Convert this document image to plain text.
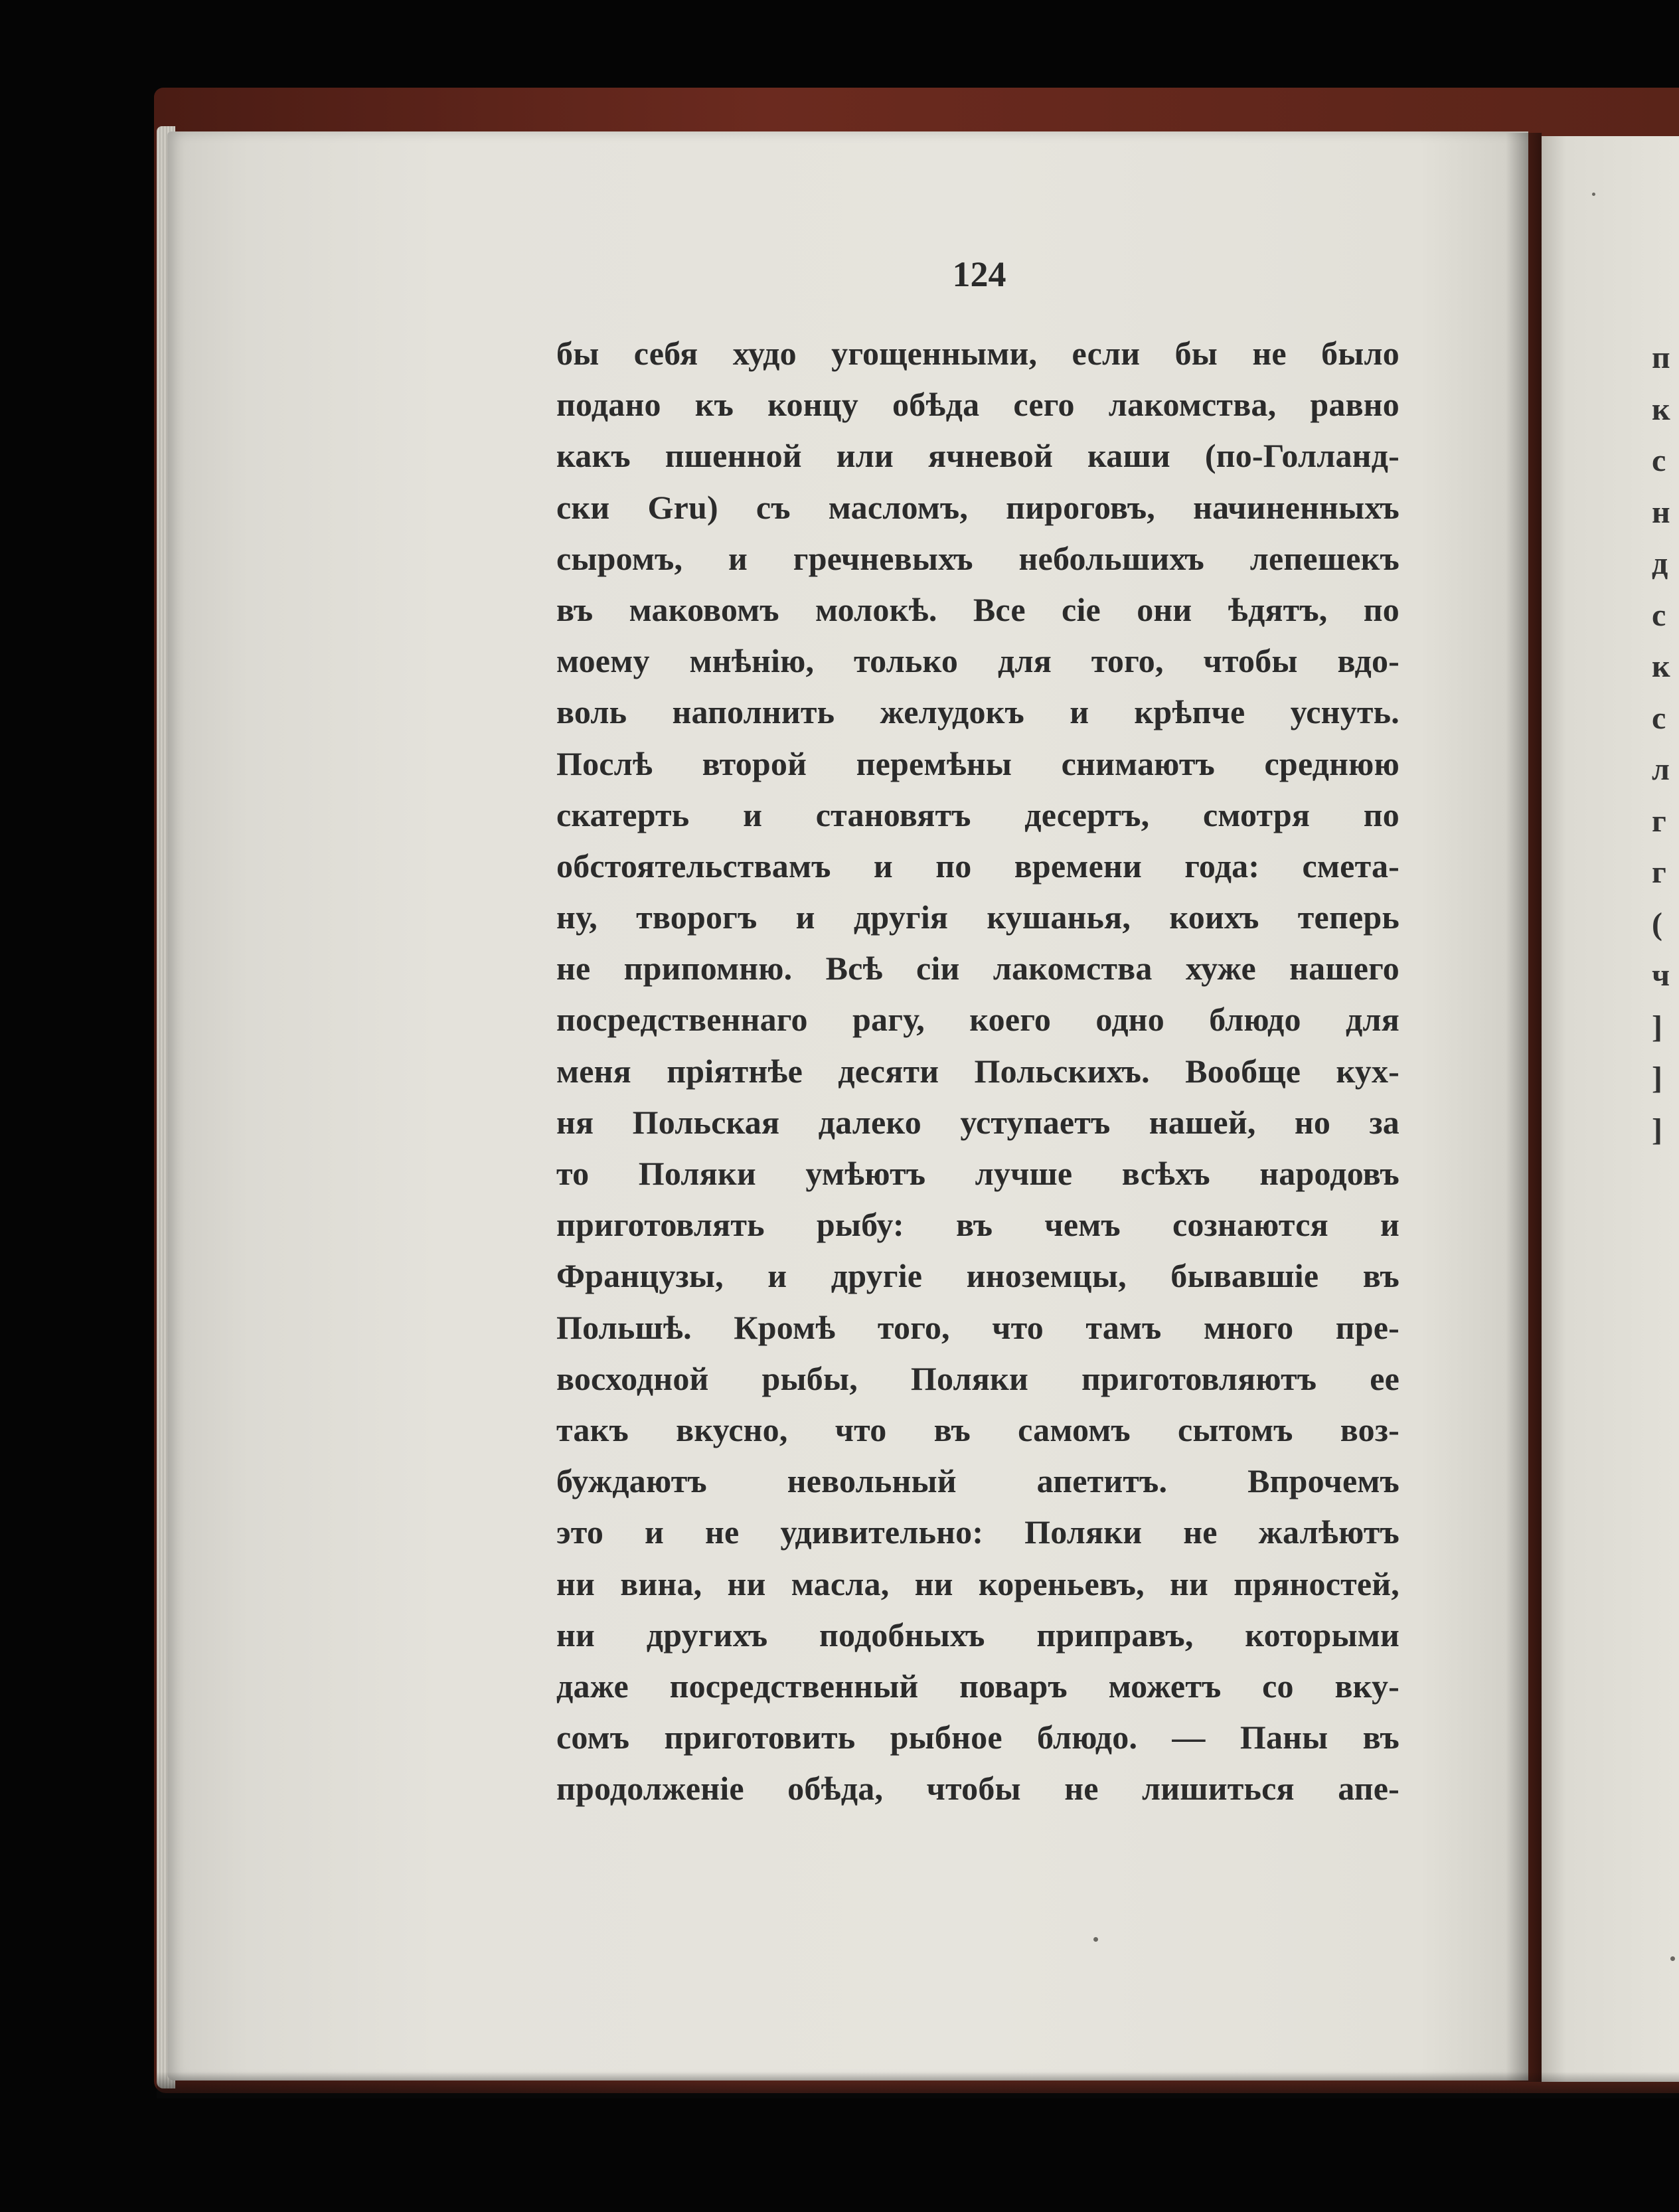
124
бы себя худо угощенными, если бы не было
подано къ концу обѣда сего лакомства, равно
какъ пшенной или ячневой каши (по-Голланд-
ски Gru) съ масломъ, пироговъ, начиненныхъ
сыромъ, и гречневыхъ небольшихъ лепешекъ
въ маковомъ молокѣ. Все сіе они ѣдятъ, по
моему мнѣнію, только для того, чтобы вдо-
воль наполнить желудокъ и крѣпче уснуть.
Послѣ второй перемѣны снимаютъ среднюю
скатерть и становятъ десертъ, смотря по
обстоятельствамъ и по времени года: смета-
ну, творогъ и другія кушанья, коихъ теперь
не припомню. Всѣ сіи лакомства хуже нашего
посредственнаго рагу, коего одно блюдо для
меня пріятнѣе десяти Польскихъ. Вообще кух-
ня Польская далеко уступаетъ нашей, но за
то Поляки умѣютъ лучше всѣхъ народовъ
приготовлять рыбу: въ чемъ сознаются и
Французы, и другіе иноземцы, бывавшіе въ
Польшѣ. Кромѣ того, что тамъ много пре-
восходной рыбы, Поляки приготовляютъ ее
такъ вкусно, что въ самомъ сытомъ воз-
буждаютъ невольный апетитъ. Впрочемъ
это и не удивительно: Поляки не жалѣютъ
ни вина, ни масла, ни кореньевъ, ни пряностей,
ни другихъ подобныхъ приправъ, которыми
даже посредственный поваръ можетъ со вку-
сомъ приготовить рыбное блюдо. — Паны въ
продолженіе обѣда, чтобы не лишиться апе-
п
к
с
н
д
с
к
с
л
г
г
(
ч
]
]
]
